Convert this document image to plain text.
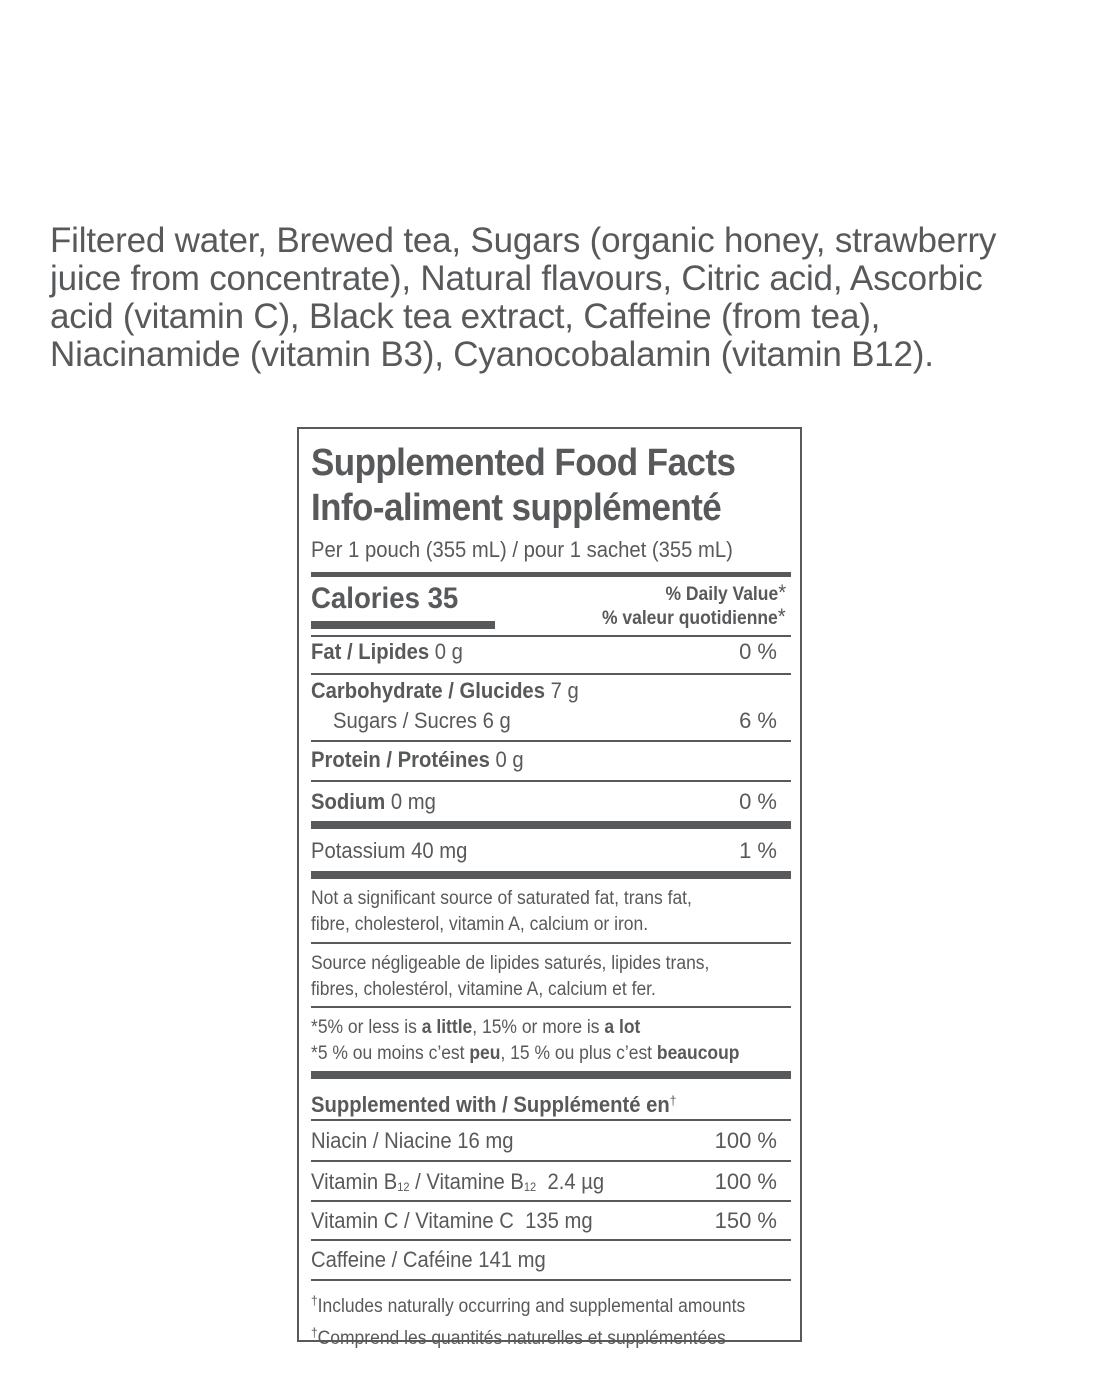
Filtered water, Brewed tea, Sugars (organic honey, strawberry
juice from concentrate), Natural flavours, Citric acid, Ascorbic
acid (vitamin C), Black tea extract, Caffeine (from tea),
Niacinamide (vitamin B3), Cyanocobalamin (vitamin B12).
Supplemented Food Facts
Info-aliment supplémenté
Per 1 pouch (355 mL) / pour 1 sachet (355 mL)
Calories 35	% Daily Value*
% valeur quotidienne*
Fat / Lipides 0 g	0 %
Carbohydrate / Glucides 7 g
Sugars / Sucres 6 g	6 %
Protein / Protéines 0 g
Sodium 0 mg	0 %
Potassium 40 mg	1 %
Not a significant source of saturated fat, trans fat,
fibre, cholesterol, vitamin A, calcium or iron.
Source négligeable de lipides saturés, lipides trans,
fibres, cholestérol, vitamine A, calcium et fer.
*5% or less is a little, 15% or more is a lot
*5 % ou moins c’est peu, 15 % ou plus c’est beaucoup
Supplemented with / Supplémenté en†
Niacin / Niacine 16 mg	100 %
Vitamin B12 / Vitamine B12  2.4 µg	100 %
Vitamin C / Vitamine C  135 mg	150 %
Caffeine / Caféine 141 mg
†Includes naturally occurring and supplemental amounts
†Comprend les quantités naturelles et supplémentées
